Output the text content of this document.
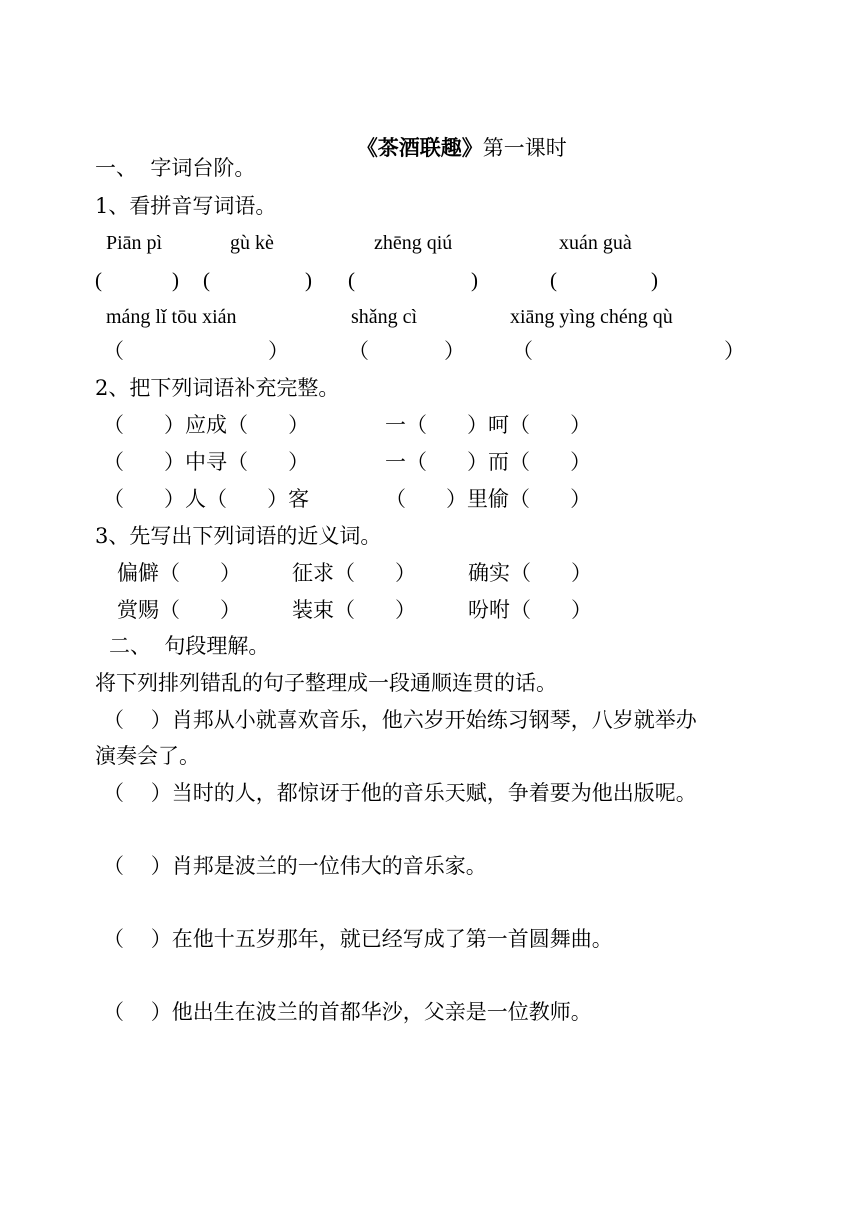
《茶酒联趣》第一课时

一、  字词台阶。
1、看拼音写词语。
Piān pì	gù kè	zhēng qiú	xuán guà
(	) (	) (	)	(	)
máng lǐ tōu xián	shǎng cì	xiāng yìng chéng qù
（	）	（	） （	）
2、把下列词语补充完整。
（      ）应成（      ）	一（      ）呵（      ）
（      ）中寻（      ）	一（      ）而（      ）
（      ）人（      ）客	（      ）里偷（      ）
3、先写出下列词语的近义词。
偏僻（      ） 征求（      ） 确实（      ）
赏赐（      ） 装束（      ） 吩咐（      ）
二、  句段理解。
将下列排列错乱的句子整理成一段通顺连贯的话。
（    ）肖邦从小就喜欢音乐，他六岁开始练习钢琴，八岁就举办
演奏会了。
（    ）当时的人，都惊讶于他的音乐天赋，争着要为他出版呢。
（    ）肖邦是波兰的一位伟大的音乐家。
（    ）在他十五岁那年，就已经写成了第一首圆舞曲。
（    ）他出生在波兰的首都华沙，父亲是一位教师。
